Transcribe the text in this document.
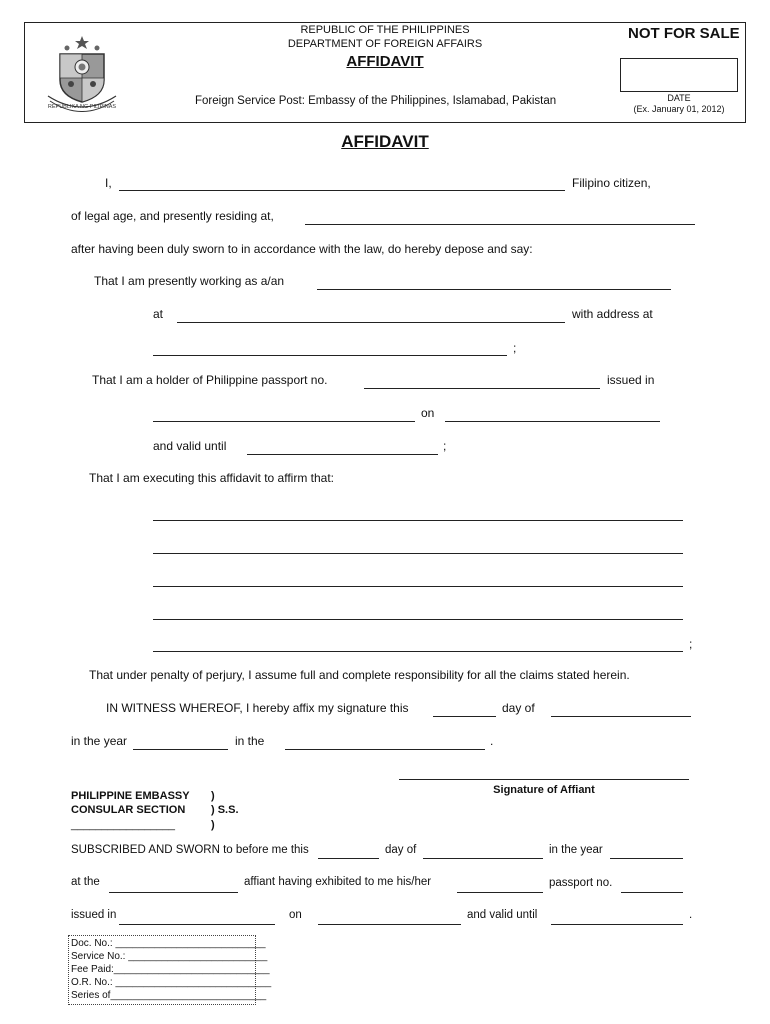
REPUBLIKA NG PILIPINAS
REPUBLIC OF THE PHILIPPINES
DEPARTMENT OF FOREIGN AFFAIRS
AFFIDAVIT
Foreign Service Post: Embassy of the Philippines, Islamabad, Pakistan
NOT FOR SALE
DATE
(Ex. January 01, 2012)
AFFIDAVIT
I,	Filipino citizen,
of legal age, and presently residing at,
after having been duly sworn to in accordance with the law, do hereby depose and say:
That I am presently working as a/an
at	with address at
;
That I am a holder of Philippine passport no.	issued in
on
and valid until	;
That I am executing this affidavit to affirm that:
;
That under penalty of perjury, I assume full and complete responsibility for all the claims stated herein.
IN WITNESS WHEREOF, I hereby affix my signature this	day of
in the year	in the	.
Signature of Affiant
PHILIPPINE EMBASSY
CONSULAR SECTION
_________________
)
) S.S.
)
SUBSCRIBED AND SWORN to before me this	day of	in the year
at the	affiant having exhibited to me his/her	passport no.
issued in	on	and valid until	.
Doc. No.: ___________________________
Service No.: _________________________
Fee Paid:____________________________
O.R. No.: ____________________________
Series of____________________________
